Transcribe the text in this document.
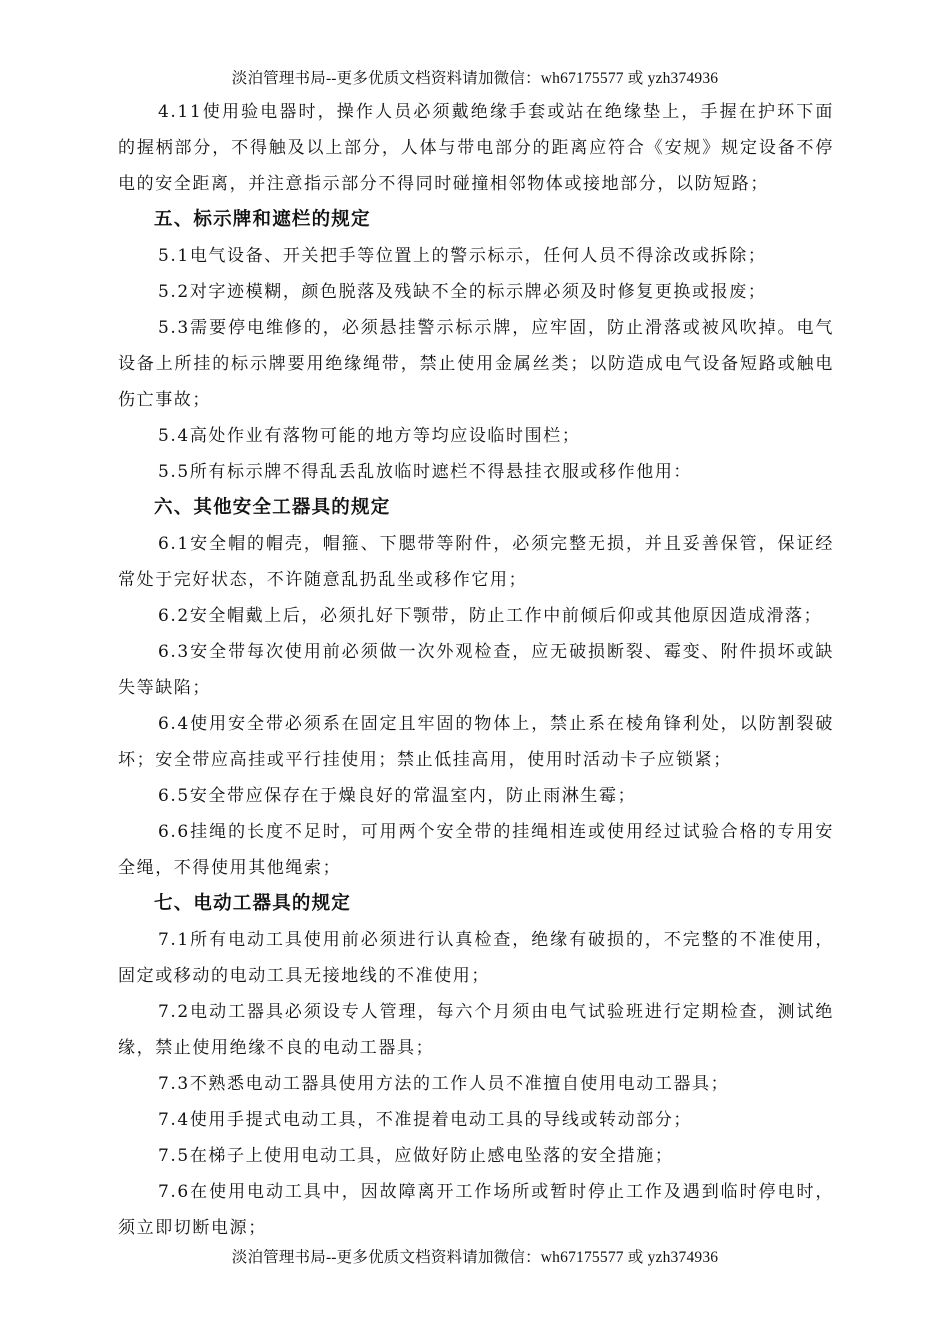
淡泊管理书局--更多优质文档资料请加微信：wh67175577 或 yzh374936

4.11使用验电器时，操作人员必须戴绝缘手套或站在绝缘垫上，手握在护环下面的握柄部分，不得触及以上部分，人体与带电部分的距离应符合《安规》规定设备不停电的安全距离，并注意指示部分不得同时碰撞相邻物体或接地部分，以防短路；

五、标示牌和遮栏的规定

5.1电气设备、开关把手等位置上的警示标示，任何人员不得涂改或拆除；

5.2对字迹模糊，颜色脱落及残缺不全的标示牌必须及时修复更换或报废；

5.3需要停电维修的，必须悬挂警示标示牌，应牢固，防止滑落或被风吹掉。电气设备上所挂的标示牌要用绝缘绳带，禁止使用金属丝类；以防造成电气设备短路或触电伤亡事故；

5.4高处作业有落物可能的地方等均应设临时围栏；

5.5所有标示牌不得乱丢乱放临时遮栏不得悬挂衣服或移作他用：

六、其他安全工器具的规定

6.1安全帽的帽壳，帽箍、下腮带等附件，必须完整无损，并且妥善保管，保证经常处于完好状态，不许随意乱扔乱坐或移作它用；

6.2安全帽戴上后，必须扎好下颚带，防止工作中前倾后仰或其他原因造成滑落；

6.3安全带每次使用前必须做一次外观检查，应无破损断裂、霉变、附件损坏或缺失等缺陷；

6.4使用安全带必须系在固定且牢固的物体上，禁止系在棱角锋利处，以防割裂破坏；安全带应高挂或平行挂使用；禁止低挂高用，使用时活动卡子应锁紧；

6.5安全带应保存在于燥良好的常温室内，防止雨淋生霉；

6.6挂绳的长度不足时，可用两个安全带的挂绳相连或使用经过试验合格的专用安全绳，不得使用其他绳索；

七、电动工器具的规定

7.1所有电动工具使用前必须进行认真检查，绝缘有破损的，不完整的不准使用，固定或移动的电动工具无接地线的不准使用；

7.2电动工器具必须设专人管理，每六个月须由电气试验班进行定期检查，测试绝缘，禁止使用绝缘不良的电动工器具；

7.3不熟悉电动工器具使用方法的工作人员不准擅自使用电动工器具；

7.4使用手提式电动工具，不准提着电动工具的导线或转动部分；

7.5在梯子上使用电动工具，应做好防止感电坠落的安全措施；

7.6在使用电动工具中，因故障离开工作场所或暂时停止工作及遇到临时停电时，须立即切断电源；

淡泊管理书局--更多优质文档资料请加微信：wh67175577 或 yzh374936
